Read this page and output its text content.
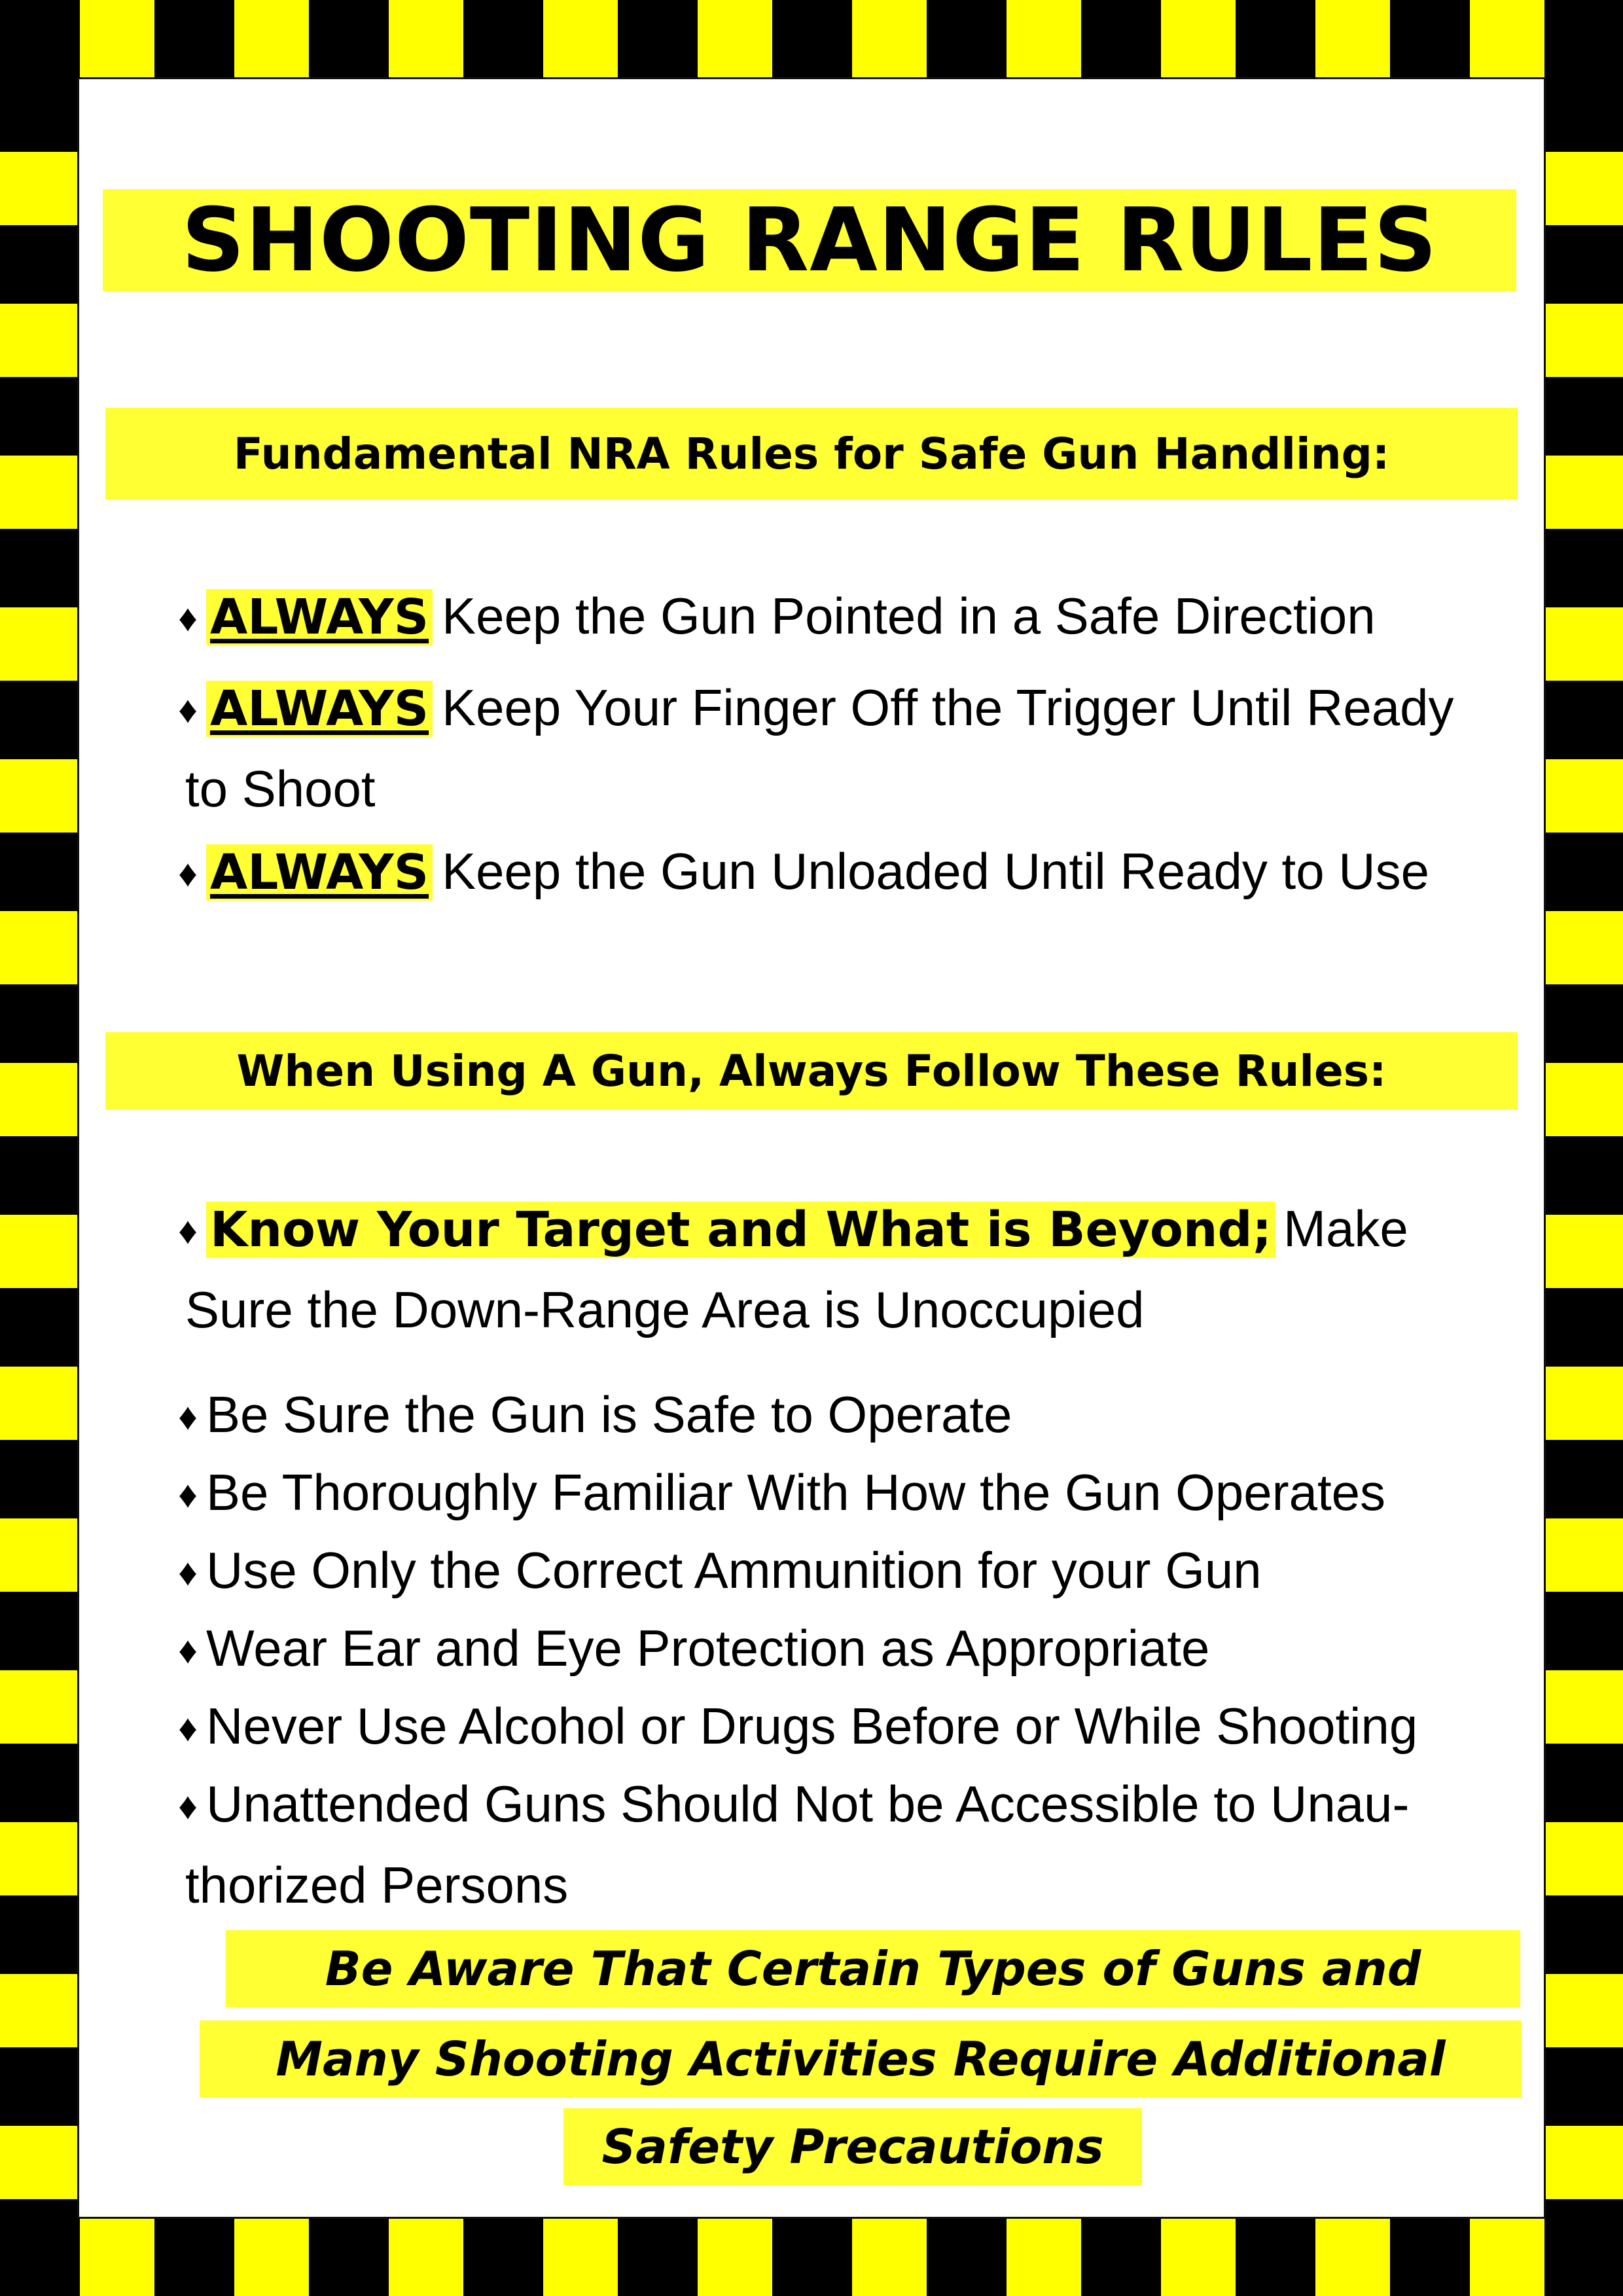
SHOOTING RANGE RULES
Fundamental NRA Rules for Safe Gun Handling:
♦ ALWAYS Keep the Gun Pointed in a Safe Direction
♦ ALWAYS Keep Your Finger Off the Trigger Until Ready
to Shoot
♦ ALWAYS Keep the Gun Unloaded Until Ready to Use
When Using A Gun, Always Follow These Rules:
♦ Know Your Target and What is Beyond; Make
Sure the Down-Range Area is Unoccupied
♦ Be Sure the Gun is Safe to Operate
♦ Be Thoroughly Familiar With How the Gun Operates
♦ Use Only the Correct Ammunition for your Gun
♦ Wear Ear and Eye Protection as Appropriate
♦ Never Use Alcohol or Drugs Before or While Shooting
♦ Unattended Guns Should Not be Accessible to Unau-
thorized Persons
Be Aware That Certain Types of Guns and
Many Shooting Activities Require Additional
Safety Precautions
